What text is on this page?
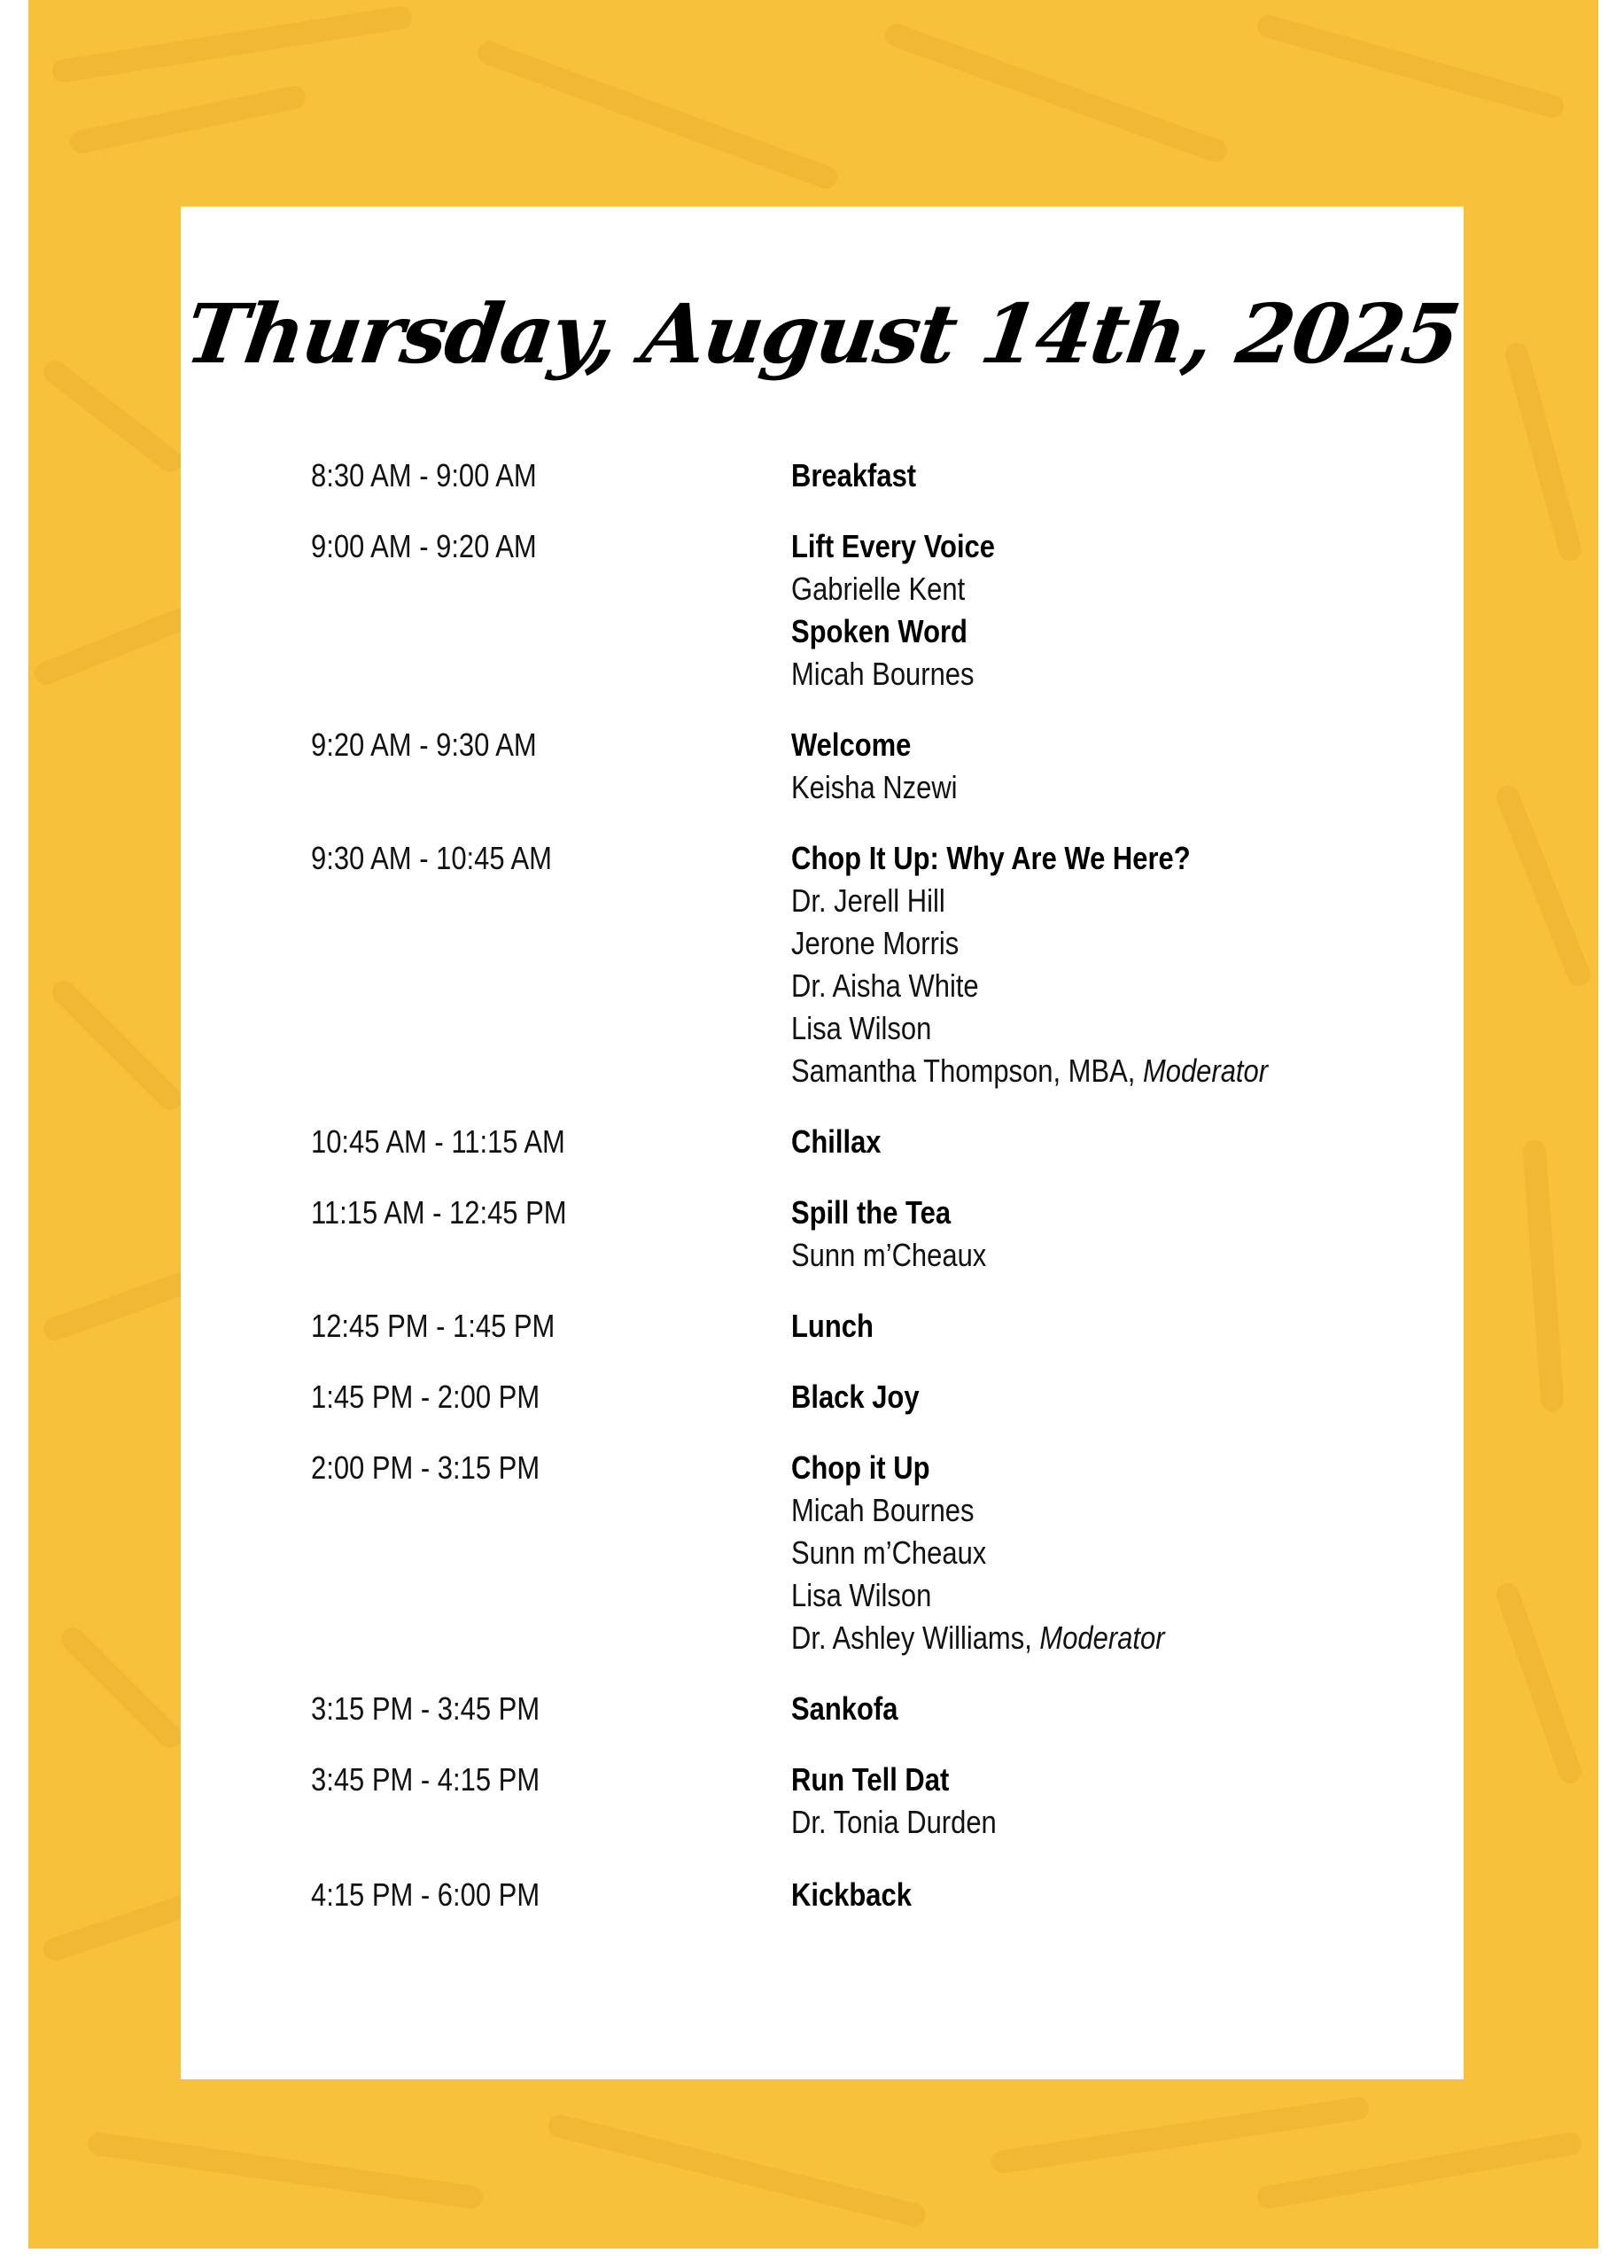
Thursday, August 14th, 2025
8:30 AM - 9:00 AM	Breakfast
9:00 AM - 9:20 AM	Lift Every Voice
Gabrielle Kent
Spoken Word
Micah Bournes
9:20 AM - 9:30 AM	Welcome
Keisha Nzewi
9:30 AM - 10:45 AM	Chop It Up: Why Are We Here?
Dr. Jerell Hill
Jerone Morris
Dr. Aisha White
Lisa Wilson
Samantha Thompson, MBA, Moderator
10:45 AM - 11:15 AM	Chillax
11:15 AM - 12:45 PM	Spill the Tea
Sunn m’Cheaux
12:45 PM - 1:45 PM	Lunch
1:45 PM - 2:00 PM	Black Joy
2:00 PM - 3:15 PM	Chop it Up
Micah Bournes
Sunn m’Cheaux
Lisa Wilson
Dr. Ashley Williams, Moderator
3:15 PM - 3:45 PM	Sankofa
3:45 PM - 4:15 PM	Run Tell Dat
Dr. Tonia Durden
4:15 PM - 6:00 PM	Kickback
